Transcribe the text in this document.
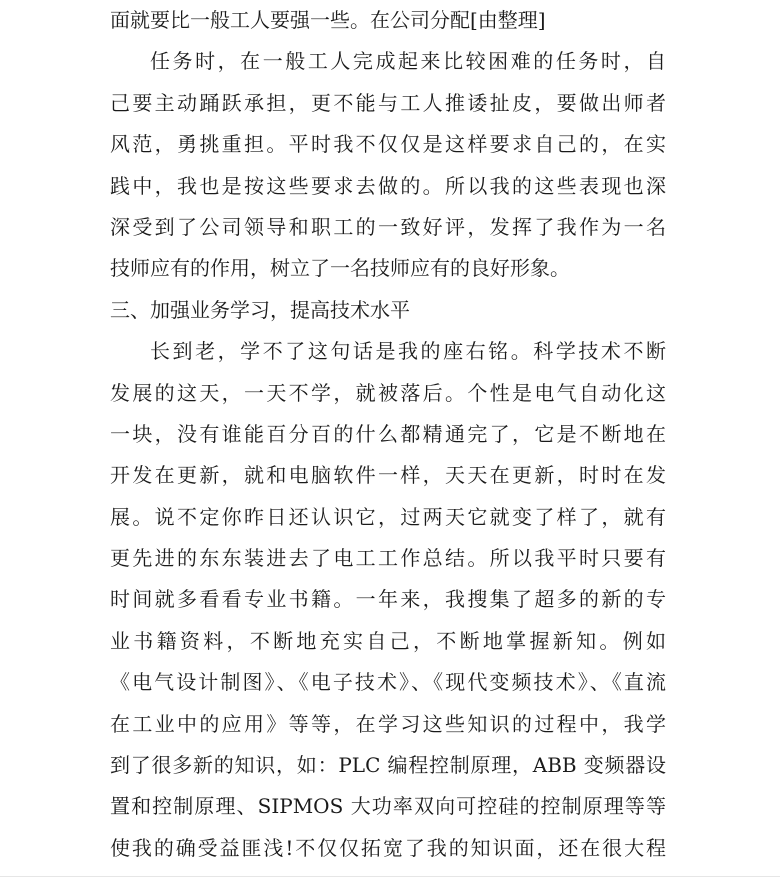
面就要比一般工人要强一些。在公司分配[由整理]
任务时，在一般工人完成起来比较困难的任务时，自
己要主动踊跃承担，更不能与工人推诿扯皮，要做出师者
风范，勇挑重担。平时我不仅仅是这样要求自己的，在实
践中，我也是按这些要求去做的。所以我的这些表现也深
深受到了公司领导和职工的一致好评，发挥了我作为一名
技师应有的作用，树立了一名技师应有的良好形象。
三、加强业务学习，提高技术水平
长到老，学不了这句话是我的座右铭。科学技术不断
发展的这天，一天不学，就被落后。个性是电气自动化这
一块，没有谁能百分百的什么都精通完了，它是不断地在
开发在更新，就和电脑软件一样，天天在更新，时时在发
展。说不定你昨日还认识它，过两天它就变了样了，就有
更先进的东东装进去了电工工作总结。所以我平时只要有
时间就多看看专业书籍。一年来，我搜集了超多的新的专
业书籍资料，不断地充实自己，不断地掌握新知。例如
《电气设计制图》、《电子技术》、《现代变频技术》、《直流
在工业中的应用》等等，在学习这些知识的过程中，我学
到了很多新的知识，如：PLC 编程控制原理，ABB 变频器设
置和控制原理、SIPMOS 大功率双向可控硅的控制原理等等
使我的确受益匪浅!不仅仅拓宽了我的知识面，还在很大程
